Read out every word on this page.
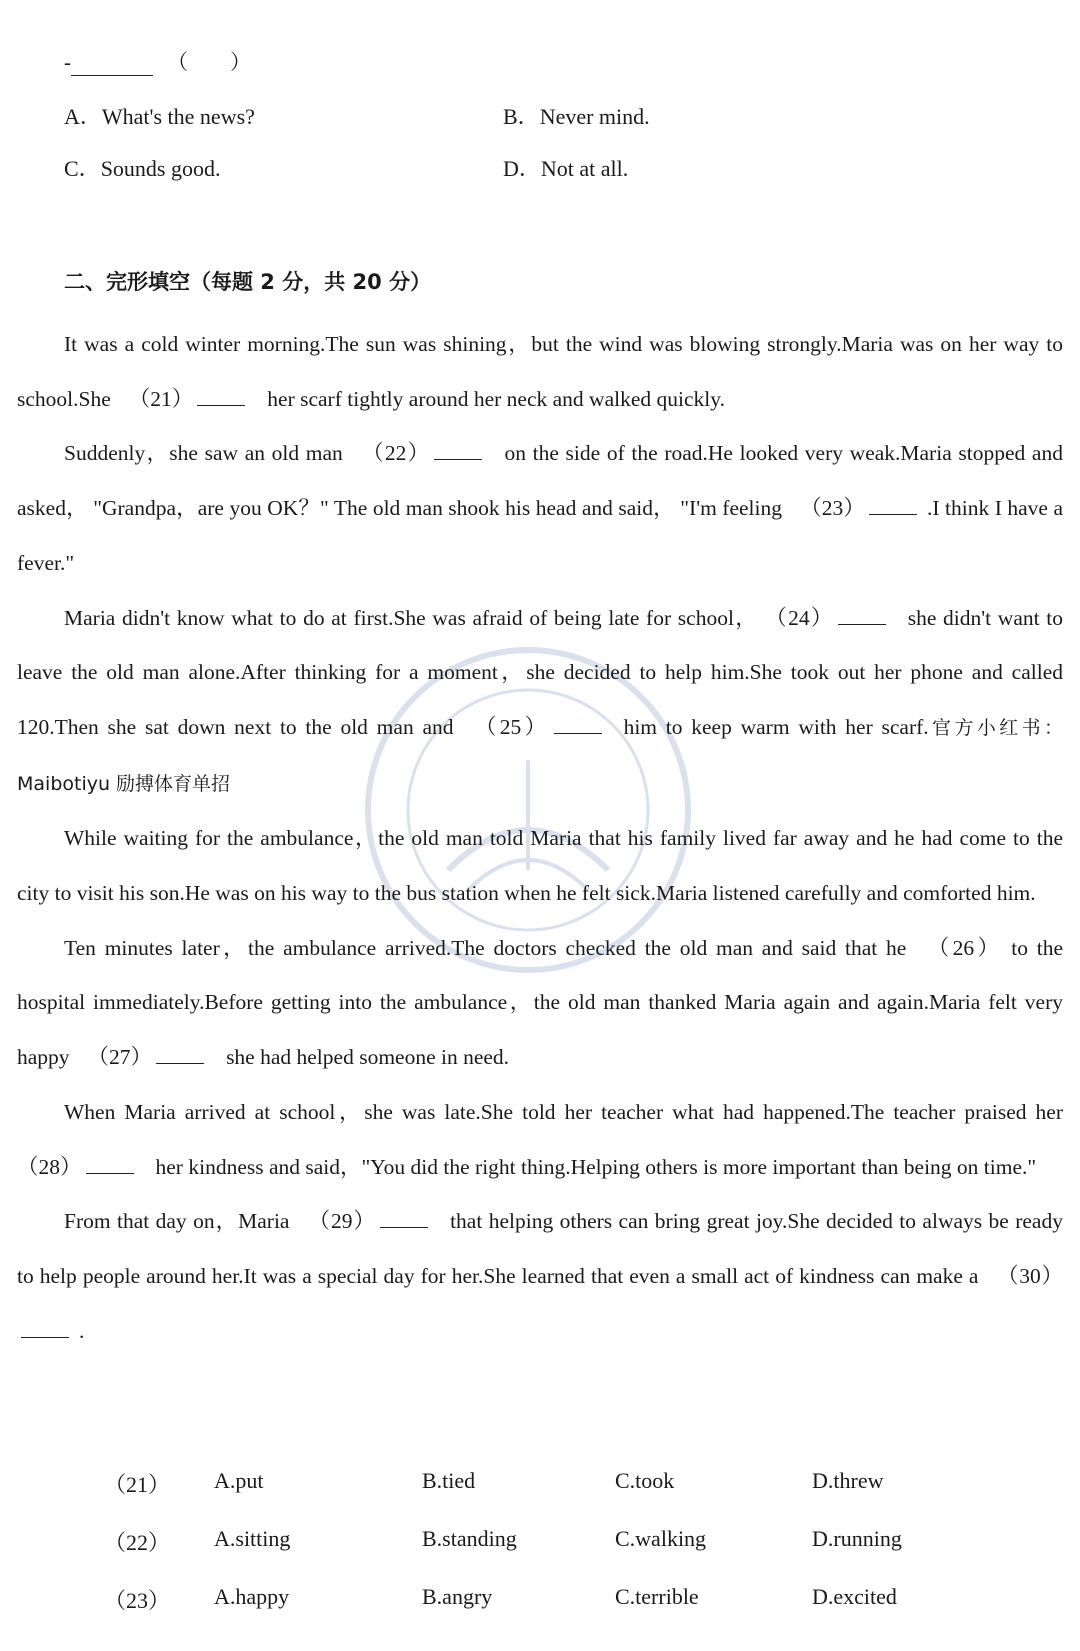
-	（　　）
A．What's the news?	B．Never mind.
C．Sounds good.	D．Not at all.
二、完形填空（每题 2 分，共 20 分）

It was a cold winter morning.The sun was shining，but the wind was blowing strongly.Maria was on her way to school.She （21）	her scarf tightly around her neck and walked quickly.

Suddenly，she saw an old man （22）	on the side of the road.He looked very weak.Maria stopped and asked， "Grandpa，are you OK？" The old man shook his head and said， "I'm feeling （23）	.I think I have a fever."

Maria didn't know what to do at first.She was afraid of being late for school， （24）	she didn't want to leave the old man alone.After thinking for a moment，she decided to help him.She took out her phone and called 120.Then she sat down next to the old man and （25）	him to keep warm with her scarf.官方小红书：Maibotiyu 励搏体育单招

While waiting for the ambulance，the old man told Maria that his family lived far away and he had come to the city to visit his son.He was on his way to the bus station when he felt sick.Maria listened carefully and comforted him.

Ten minutes later，the ambulance arrived.The doctors checked the old man and said that he （26） to the hospital immediately.Before getting into the ambulance，the old man thanked Maria again and again.Maria felt very happy （27）	she had helped someone in need.

When Maria arrived at school，she was late.She told her teacher what had happened.The teacher praised her（28）	her kindness and said，"You did the right thing.Helping others is more important than being on time."

From that day on，Maria （29）	that helping others can bring great joy.She decided to always be ready to help people around her.It was a special day for her.She learned that even a small act of kindness can make a （30）.

（21） A.put	B.tied	C.took	D.threw
（22） A.sitting	B.standing	C.walking	D.running
（23） A.happy	B.angry	C.terrible	D.excited
